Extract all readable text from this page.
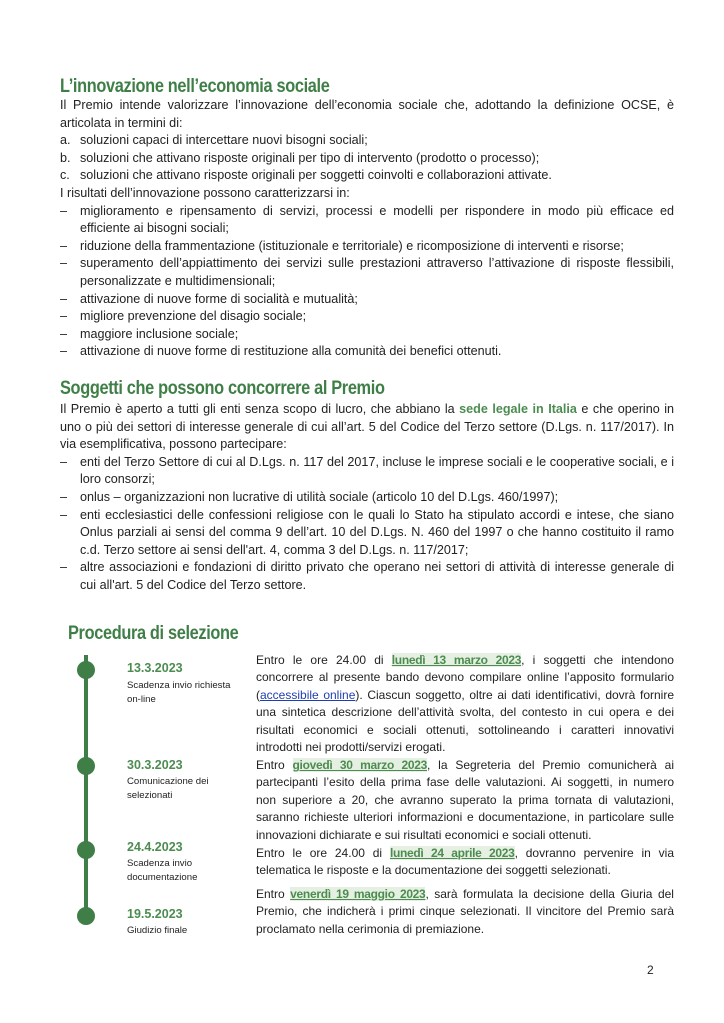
L’innovazione nell’economia sociale

Il Premio intende valorizzare l’innovazione dell’economia sociale che, adottando la definizione OCSE, è articolata in termini di:

a. soluzioni capaci di intercettare nuovi bisogni sociali;
b. soluzioni che attivano risposte originali per tipo di intervento (prodotto o processo);
c. soluzioni che attivano risposte originali per soggetti coinvolti e collaborazioni attivate.

I risultati dell’innovazione possono caratterizzarsi in:

– miglioramento e ripensamento di servizi, processi e modelli per rispondere in modo più efficace ed efficiente ai bisogni sociali;
– riduzione della frammentazione (istituzionale e territoriale) e ricomposizione di interventi e risorse;
– superamento dell’appiattimento dei servizi sulle prestazioni attraverso l’attivazione di risposte flessibili, personalizzate e multidimensionali;
– attivazione di nuove forme di socialità e mutualità;
– migliore prevenzione del disagio sociale;
– maggiore inclusione sociale;
– attivazione di nuove forme di restituzione alla comunità dei benefici ottenuti.
Soggetti che possono concorrere al Premio

Il Premio è aperto a tutti gli enti senza scopo di lucro, che abbiano la sede legale in Italia e che operino in uno o più dei settori di interesse generale di cui all’art. 5 del Codice del Terzo settore (D.Lgs. n. 117/2017). In via esemplificativa, possono partecipare:

– enti del Terzo Settore di cui al D.Lgs. n. 117 del 2017, incluse le imprese sociali e le cooperative sociali, e i loro consorzi;
– onlus – organizzazioni non lucrative di utilità sociale (articolo 10 del D.Lgs. 460/1997);
– enti ecclesiastici delle confessioni religiose con le quali lo Stato ha stipulato accordi e intese, che siano Onlus parziali ai sensi del comma 9 dell’art. 10 del D.Lgs. N. 460 del 1997 o che hanno costituito il ramo c.d. Terzo settore ai sensi dell'art. 4, comma 3 del D.Lgs. n. 117/2017;
– altre associazioni e fondazioni di diritto privato che operano nei settori di attività di interesse generale di cui all'art. 5 del Codice del Terzo settore.
Procedura di selezione
13.3.2023
Scadenza invio richiesta on-line
30.3.2023
Comunicazione dei selezionati
24.4.2023
Scadenza invio documentazione
19.5.2023
Giudizio finale
Entro le ore 24.00 di lunedì 13 marzo 2023, i soggetti che intendono concorrere al presente bando devono compilare online l’apposito formulario (accessibile online). Ciascun soggetto, oltre ai dati identificativi, dovrà fornire una sintetica descrizione dell’attività svolta, del contesto in cui opera e dei risultati economici e sociali ottenuti, sottolineando i caratteri innovativi introdotti nei prodotti/servizi erogati.
Entro giovedì 30 marzo 2023, la Segreteria del Premio comunicherà ai partecipanti l’esito della prima fase delle valutazioni. Ai soggetti, in numero non superiore a 20, che avranno superato la prima tornata di valutazioni, saranno richieste ulteriori informazioni e documentazione, in particolare sulle innovazioni dichiarate e sui risultati economici e sociali ottenuti.
Entro le ore 24.00 di lunedì 24 aprile 2023, dovranno pervenire in via telematica le risposte e la documentazione dei soggetti selezionati.
Entro venerdì 19 maggio 2023, sarà formulata la decisione della Giuria del Premio, che indicherà i primi cinque selezionati. Il vincitore del Premio sarà proclamato nella cerimonia di premiazione.
2
